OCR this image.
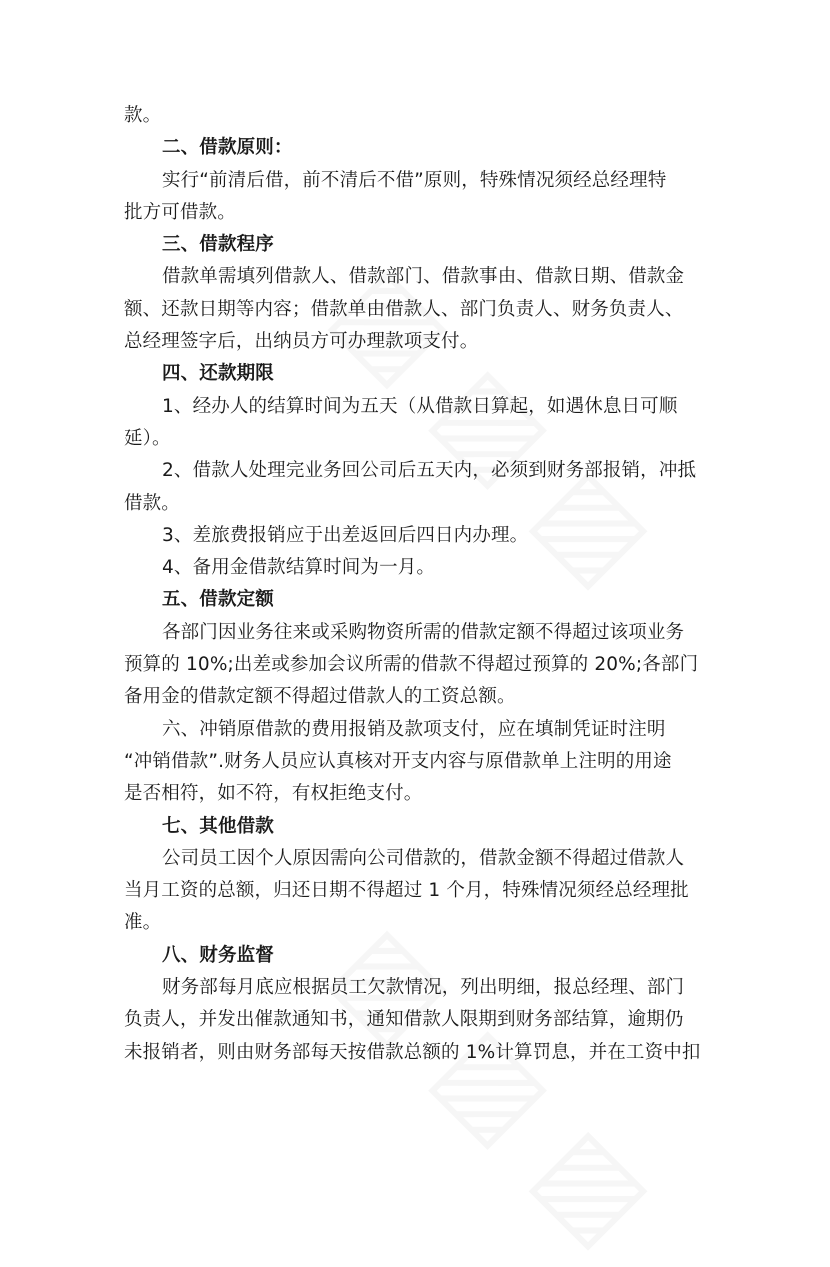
款。
二、借款原则：
实行“前清后借，前不清后不借”原则，特殊情况须经总经理特
批方可借款。
三、借款程序
借款单需填列借款人、借款部门、借款事由、借款日期、借款金
额、还款日期等内容；借款单由借款人、部门负责人、财务负责人、
总经理签字后，出纳员方可办理款项支付。
四、还款期限
1、经办人的结算时间为五天（从借款日算起，如遇休息日可顺
延）。
2、借款人处理完业务回公司后五天内，必须到财务部报销，冲抵
借款。
3、差旅费报销应于出差返回后四日内办理。
4、备用金借款结算时间为一月。
五、借款定额
各部门因业务往来或采购物资所需的借款定额不得超过该项业务
预算的 10%;出差或参加会议所需的借款不得超过预算的 20%;各部门
备用金的借款定额不得超过借款人的工资总额。
六、冲销原借款的费用报销及款项支付，应在填制凭证时注明
“冲销借款”.财务人员应认真核对开支内容与原借款单上注明的用途
是否相符，如不符，有权拒绝支付。
七、其他借款
公司员工因个人原因需向公司借款的，借款金额不得超过借款人
当月工资的总额，归还日期不得超过 1 个月，特殊情况须经总经理批
准。
八、财务监督
财务部每月底应根据员工欠款情况，列出明细，报总经理、部门
负责人，并发出催款通知书，通知借款人限期到财务部结算，逾期仍
未报销者，则由财务部每天按借款总额的 1%计算罚息，并在工资中扣
